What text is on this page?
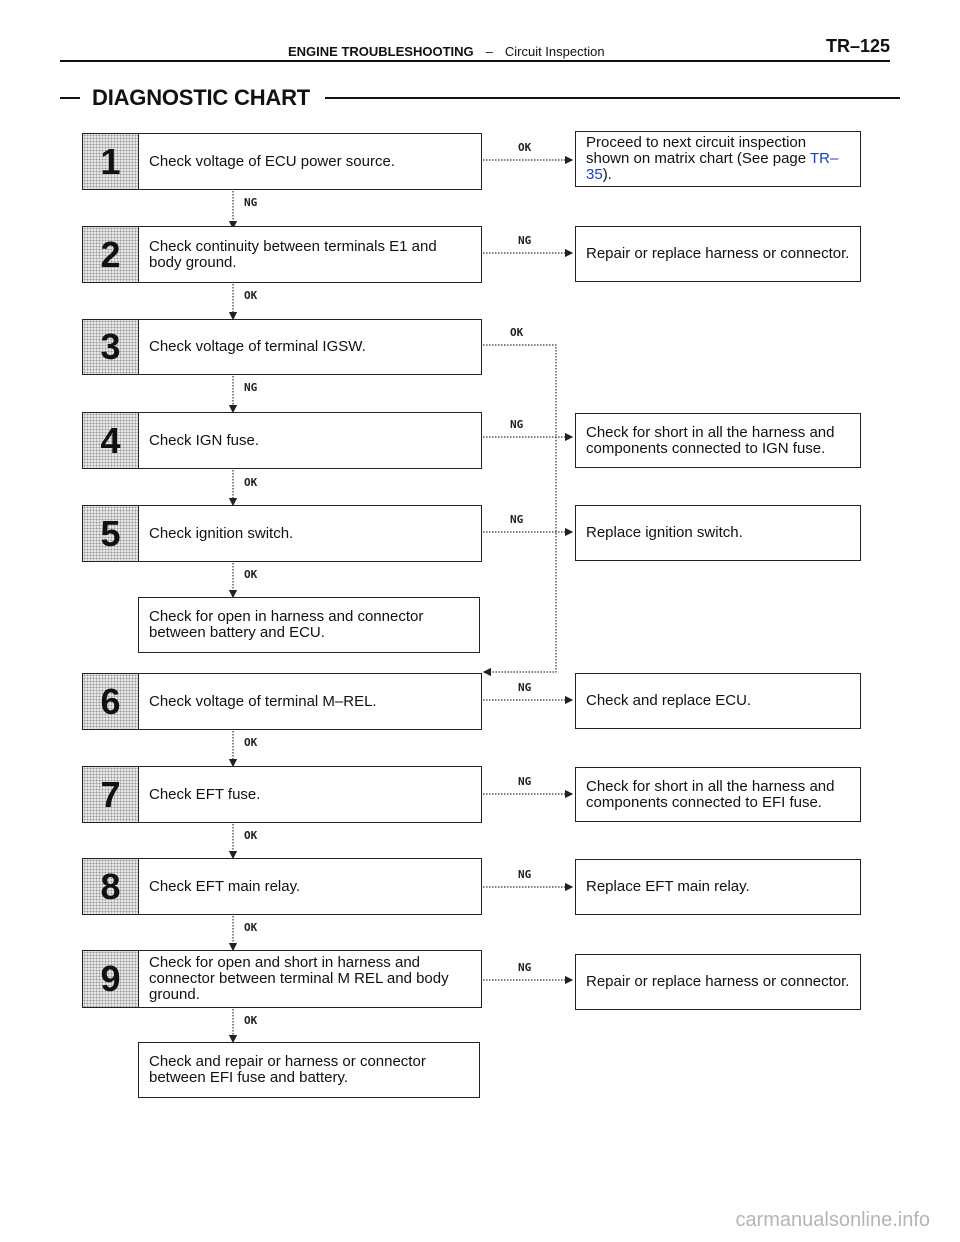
ENGINE TROUBLESHOOTING – Circuit Inspection	TR–125
DIAGNOSTIC CHART
NG
OK
NG
OK
OK
OK
OK
OK
OK
OK
NG
OK
NG
NG
NG
NG
NG
NG
1	Check voltage of ECU power source.
2	Check continuity between terminals E1 and body ground.
3	Check voltage of terminal IGSW.
4	Check IGN fuse.
5	Check ignition switch.
Check for open in harness and connector between battery and ECU.
6	Check voltage of terminal M–REL.
7	Check EFT fuse.
8	Check EFT main relay.
9	Check for open and short in harness and connector between terminal M REL and body ground.
Check and repair or harness or connector between EFI fuse and battery.
Proceed to next circuit inspection shown on matrix chart (See page TR–35).
Repair or replace harness or connector.
Check for short in all the harness and components connected to IGN fuse.
Replace ignition switch.
Check and replace ECU.
Check for short in all the harness and components connected to EFI fuse.
Replace EFT main relay.
Repair or replace harness or connector.
carmanualsonline.info
